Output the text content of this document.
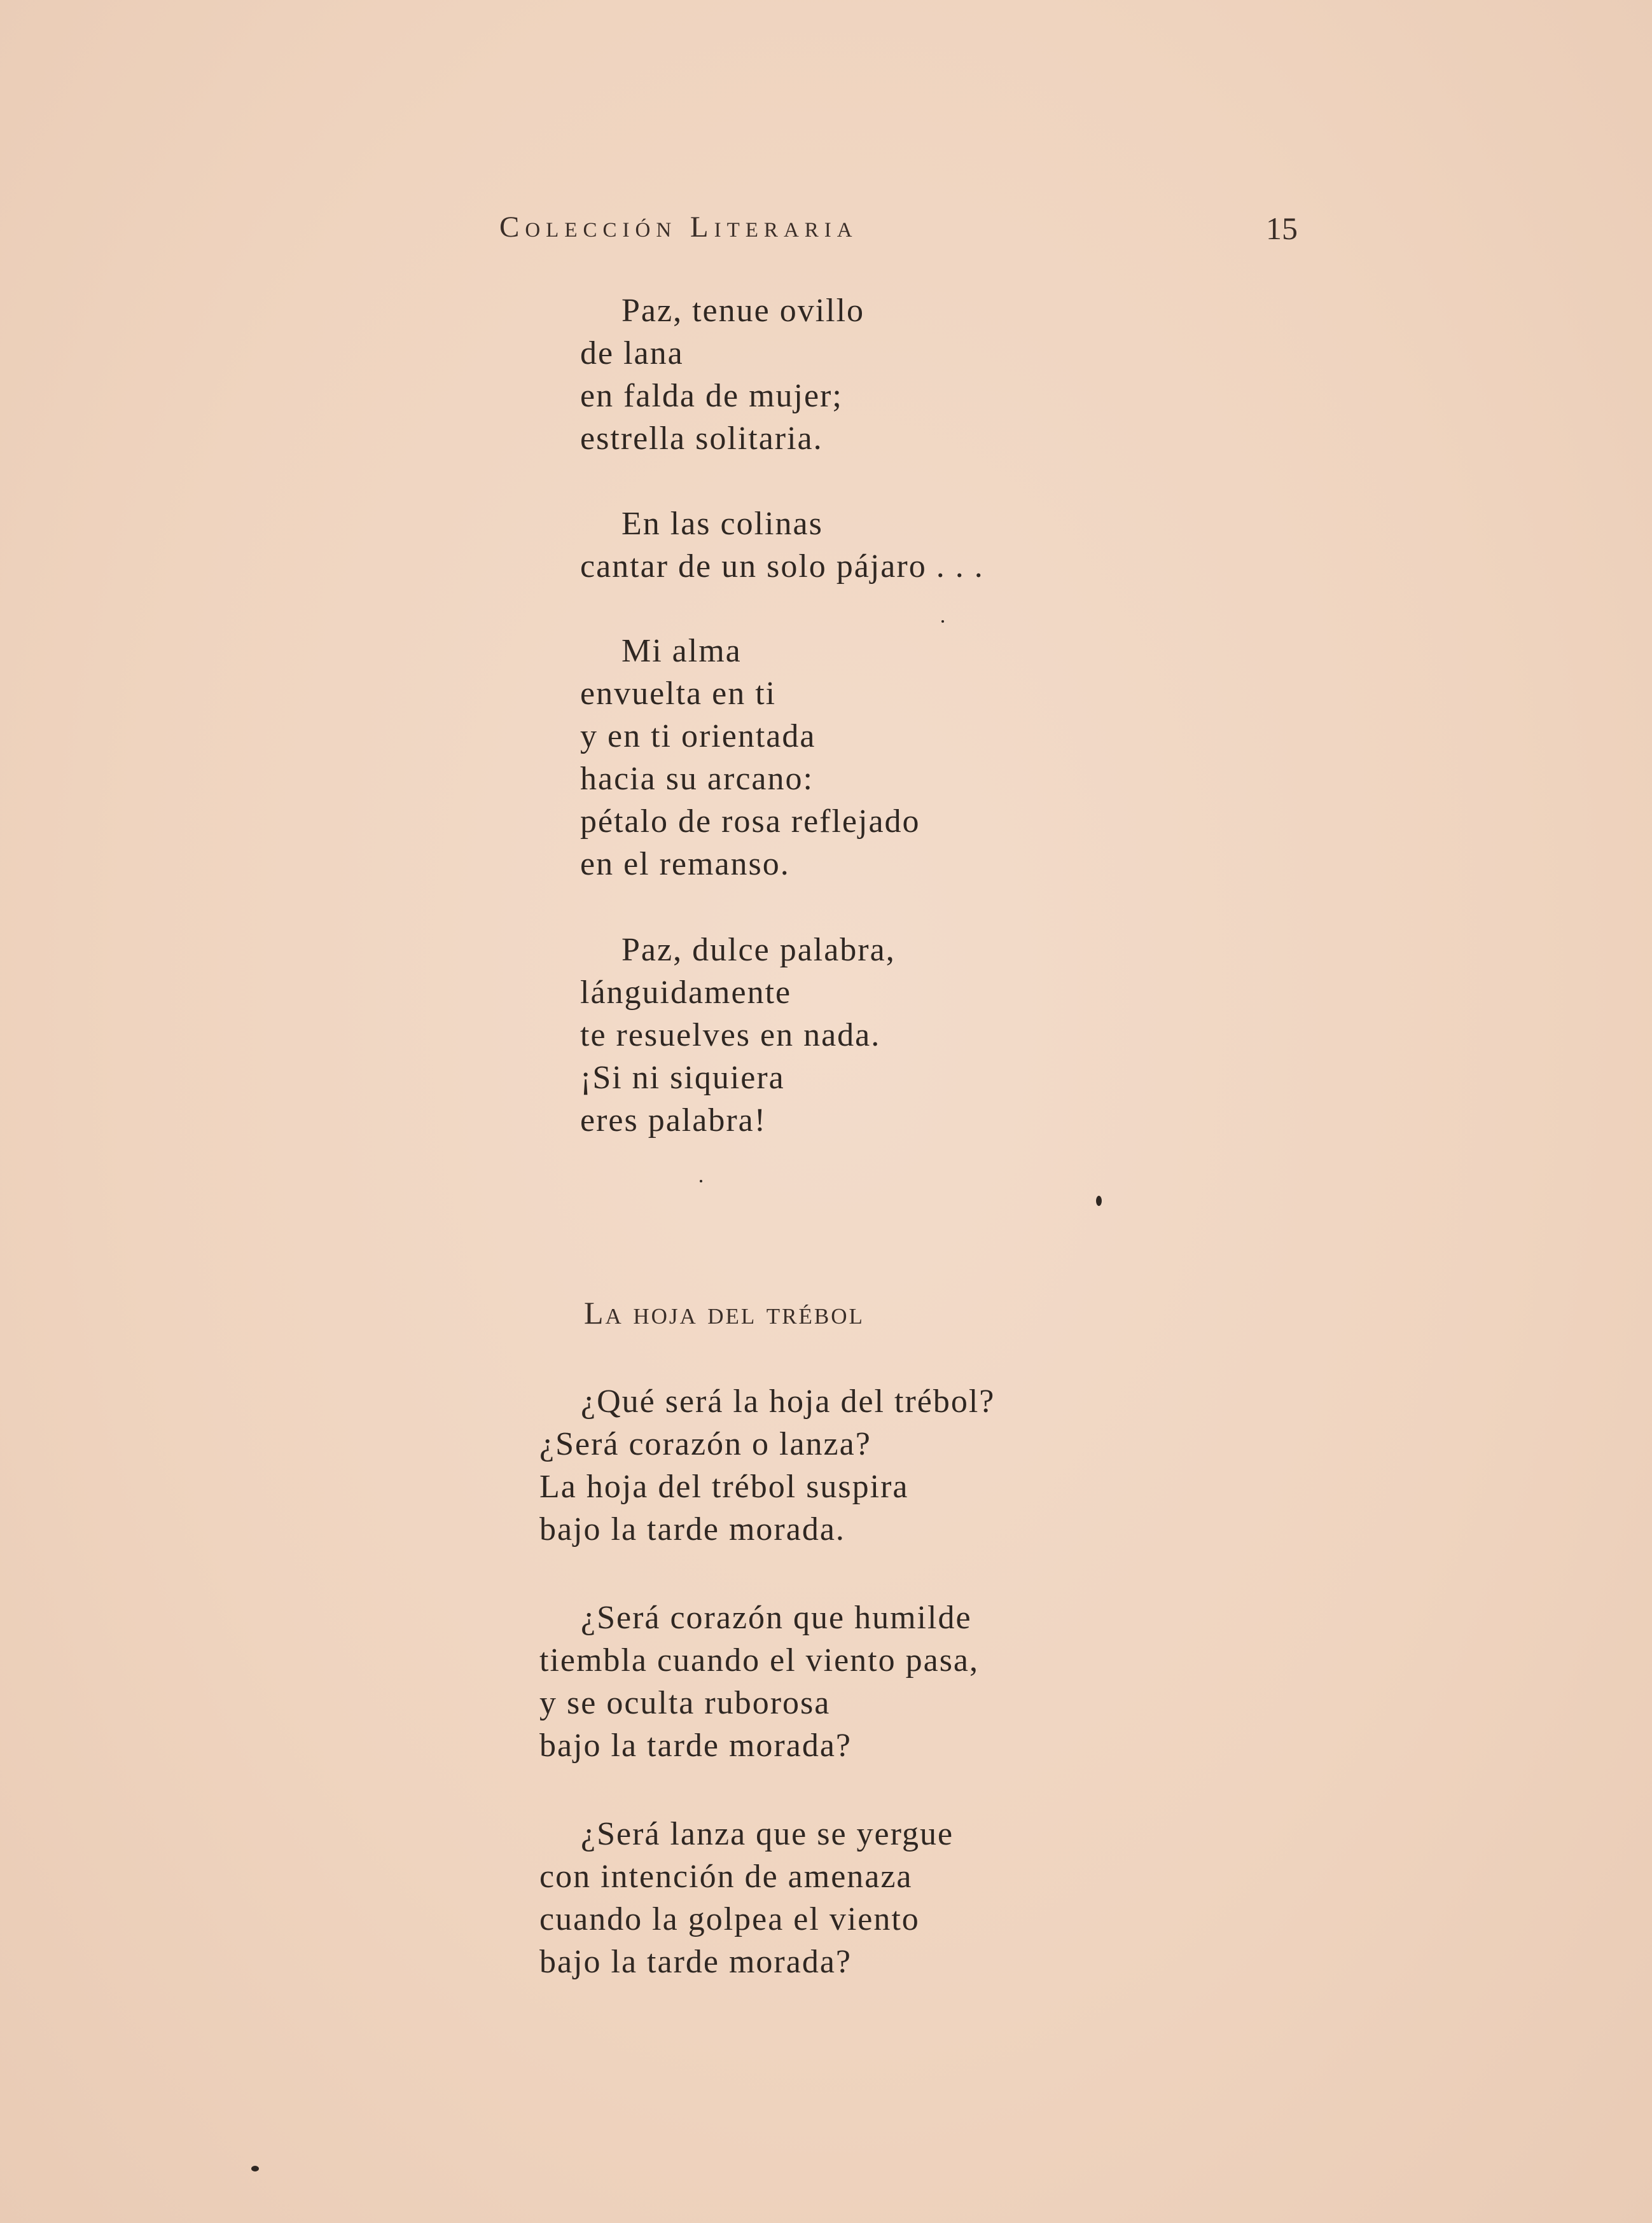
Colección Literaria	15
Paz, tenue ovillo
de lana
en falda de mujer;
estrella solitaria.
En las colinas
cantar de un solo pájaro . . .
Mi alma
envuelta en ti
y en ti orientada
hacia su arcano:
pétalo de rosa reflejado
en el remanso.
Paz, dulce palabra,
lánguidamente
te resuelves en nada.
¡Si ni siquiera
eres palabra!
La hoja del trébol
¿Qué será la hoja del trébol?
¿Será corazón o lanza?
La hoja del trébol suspira
bajo la tarde morada.
¿Será corazón que humilde
tiembla cuando el viento pasa,
y se oculta ruborosa
bajo la tarde morada?
¿Será lanza que se yergue
con intención de amenaza
cuando la golpea el viento
bajo la tarde morada?
